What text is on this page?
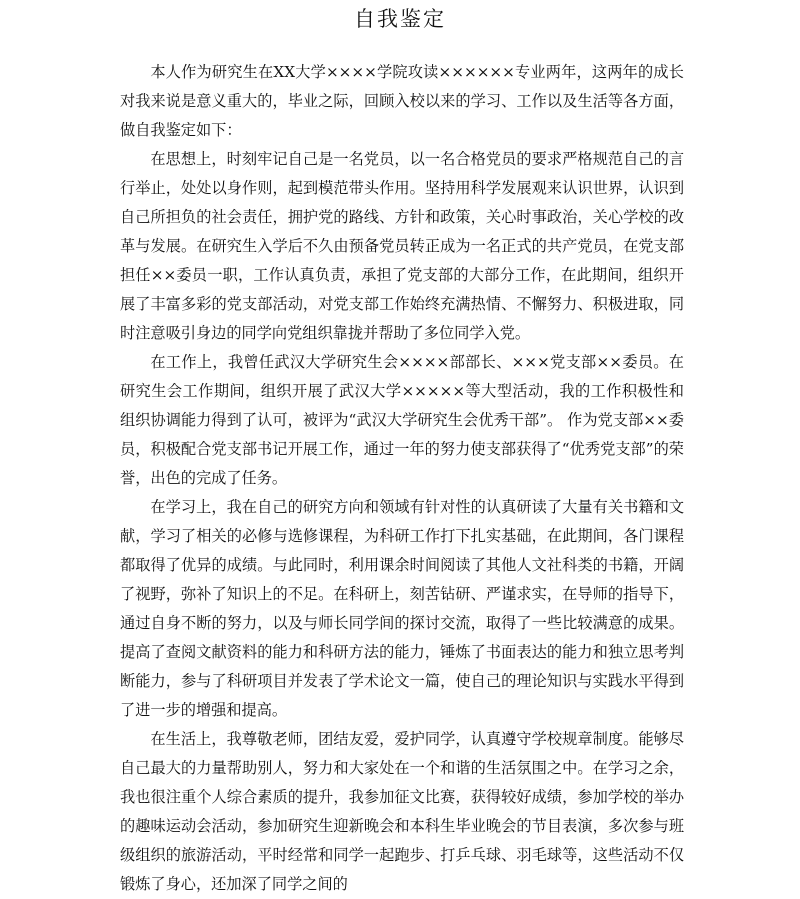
自我鉴定

本人作为研究生在XX大学××××学院攻读××××××专业两年，这两年的成长对我来说是意义重大的，毕业之际，回顾入校以来的学习、工作以及生活等各方面，做自我鉴定如下：

在思想上，时刻牢记自己是一名党员，以一名合格党员的要求严格规范自己的言行举止，处处以身作则，起到模范带头作用。坚持用科学发展观来认识世界，认识到自己所担负的社会责任，拥护党的路线、方针和政策，关心时事政治，关心学校的改革与发展。在研究生入学后不久由预备党员转正成为一名正式的共产党员，在党支部担任××委员一职，工作认真负责，承担了党支部的大部分工作，在此期间，组织开展了丰富多彩的党支部活动，对党支部工作始终充满热情、不懈努力、积极进取，同时注意吸引身边的同学向党组织靠拢并帮助了多位同学入党。

在工作上，我曾任武汉大学研究生会××××部部长、×××党支部××委员。在研究生会工作期间，组织开展了武汉大学×××××等大型活动，我的工作积极性和组织协调能力得到了认可，被评为“武汉大学研究生会优秀干部”。 作为党支部××委员，积极配合党支部书记开展工作，通过一年的努力使支部获得了“优秀党支部”的荣誉，出色的完成了任务。

在学习上，我在自己的研究方向和领域有针对性的认真研读了大量有关书籍和文献，学习了相关的必修与选修课程，为科研工作打下扎实基础，在此期间，各门课程都取得了优异的成绩。与此同时，利用课余时间阅读了其他人文社科类的书籍，开阔了视野，弥补了知识上的不足。在科研上，刻苦钻研、严谨求实，在导师的指导下，通过自身不断的努力，以及与师长同学间的探讨交流，取得了一些比较满意的成果。提高了查阅文献资料的能力和科研方法的能力，锤炼了书面表达的能力和独立思考判断能力，参与了科研项目并发表了学术论文一篇，使自己的理论知识与实践水平得到了进一步的增强和提高。

在生活上，我尊敬老师，团结友爱，爱护同学，认真遵守学校规章制度。能够尽自己最大的力量帮助别人，努力和大家处在一个和谐的生活氛围之中。在学习之余，我也很注重个人综合素质的提升，我参加征文比赛，获得较好成绩，参加学校的举办的趣味运动会活动，参加研究生迎新晚会和本科生毕业晚会的节目表演，多次参与班级组织的旅游活动，平时经常和同学一起跑步、打乒乓球、羽毛球等，这些活动不仅锻炼了身心，还加深了同学之间的
